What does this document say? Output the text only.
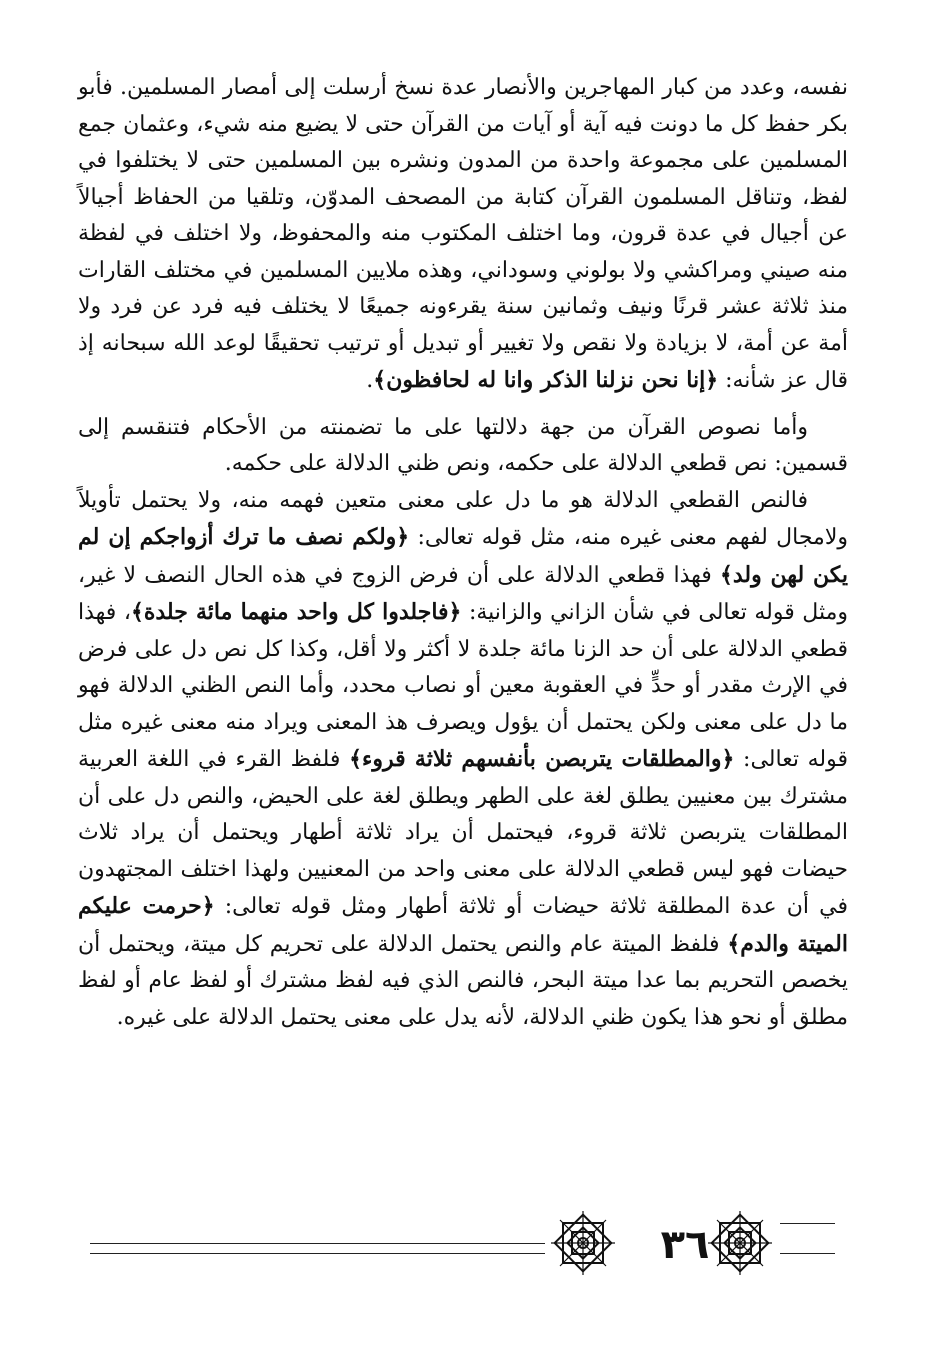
نفسه، وعدد من كبار المهاجرين والأنصار عدة نسخ أرسلت إلى أمصار المسلمين. فأبو بكر حفظ كل ما دونت فيه آية أو آيات من القرآن حتى لا يضيع منه شيء، وعثمان جمع المسلمين على مجموعة واحدة من المدون ونشره بين المسلمين حتى لا يختلفوا في لفظ، وتناقل المسلمون القرآن كتابة من المصحف المدوّن، وتلقيا من الحفاظ أجيالاً عن أجيال في عدة قرون، وما اختلف المكتوب منه والمحفوظ، ولا اختلف في لفظة منه صيني ومراكشي ولا بولوني وسوداني، وهذه ملايين المسلمين في مختلف القارات منذ ثلاثة عشر قرنًا ونيف وثمانين سنة يقرءونه جميعًا لا يختلف فيه فرد عن فرد ولا أمة عن أمة، لا بزيادة ولا نقص ولا تغيير أو تبديل أو ترتيب تحقيقًا لوعد الله سبحانه إذ قال عز شأنه: ﴿إنا نحن نزلنا الذكر وانا له لحافظون﴾.

وأما نصوص القرآن من جهة دلالتها على ما تضمنته من الأحكام فتنقسم إلى قسمين: نص قطعي الدلالة على حكمه، ونص ظني الدلالة على حكمه.

فالنص القطعي الدلالة هو ما دل على معنى متعين فهمه منه، ولا يحتمل تأويلاً ولامجال لفهم معنى غيره منه، مثل قوله تعالى: ﴿ولكم نصف ما ترك أزواجكم إن لم يكن لهن ولد﴾ فهذا قطعي الدلالة على أن فرض الزوج في هذه الحال النصف لا غير، ومثل قوله تعالى في شأن الزاني والزانية: ﴿فاجلدوا كل واحد منهما مائة جلدة﴾، فهذا قطعي الدلالة على أن حد الزنا مائة جلدة لا أكثر ولا أقل، وكذا كل نص دل على فرض في الإرث مقدر أو حدٍّ في العقوبة معين أو نصاب محدد، وأما النص الظني الدلالة فهو ما دل على معنى ولكن يحتمل أن يؤول ويصرف هذ المعنى ويراد منه معنى غيره مثل قوله تعالى: ﴿والمطلقات يتربصن بأنفسهم ثلاثة قروء﴾ فلفظ القرء في اللغة العربية مشترك بين معنيين يطلق لغة على الطهر ويطلق لغة على الحيض، والنص دل على أن المطلقات يتربصن ثلاثة قروء، فيحتمل أن يراد ثلاثة أطهار ويحتمل أن يراد ثلاث حيضات فهو ليس قطعي الدلالة على معنى واحد من المعنيين ولهذا اختلف المجتهدون في أن عدة المطلقة ثلاثة حيضات أو ثلاثة أطهار ومثل قوله تعالى: ﴿حرمت عليكم الميتة والدم﴾ فلفظ الميتة عام والنص يحتمل الدلالة على تحريم كل ميتة، ويحتمل أن يخصص التحريم بما عدا ميتة البحر، فالنص الذي فيه لفظ مشترك أو لفظ عام أو لفظ مطلق أو نحو هذا يكون ظني الدلالة، لأنه يدل على معنى يحتمل الدلالة على غيره.

٣٦
